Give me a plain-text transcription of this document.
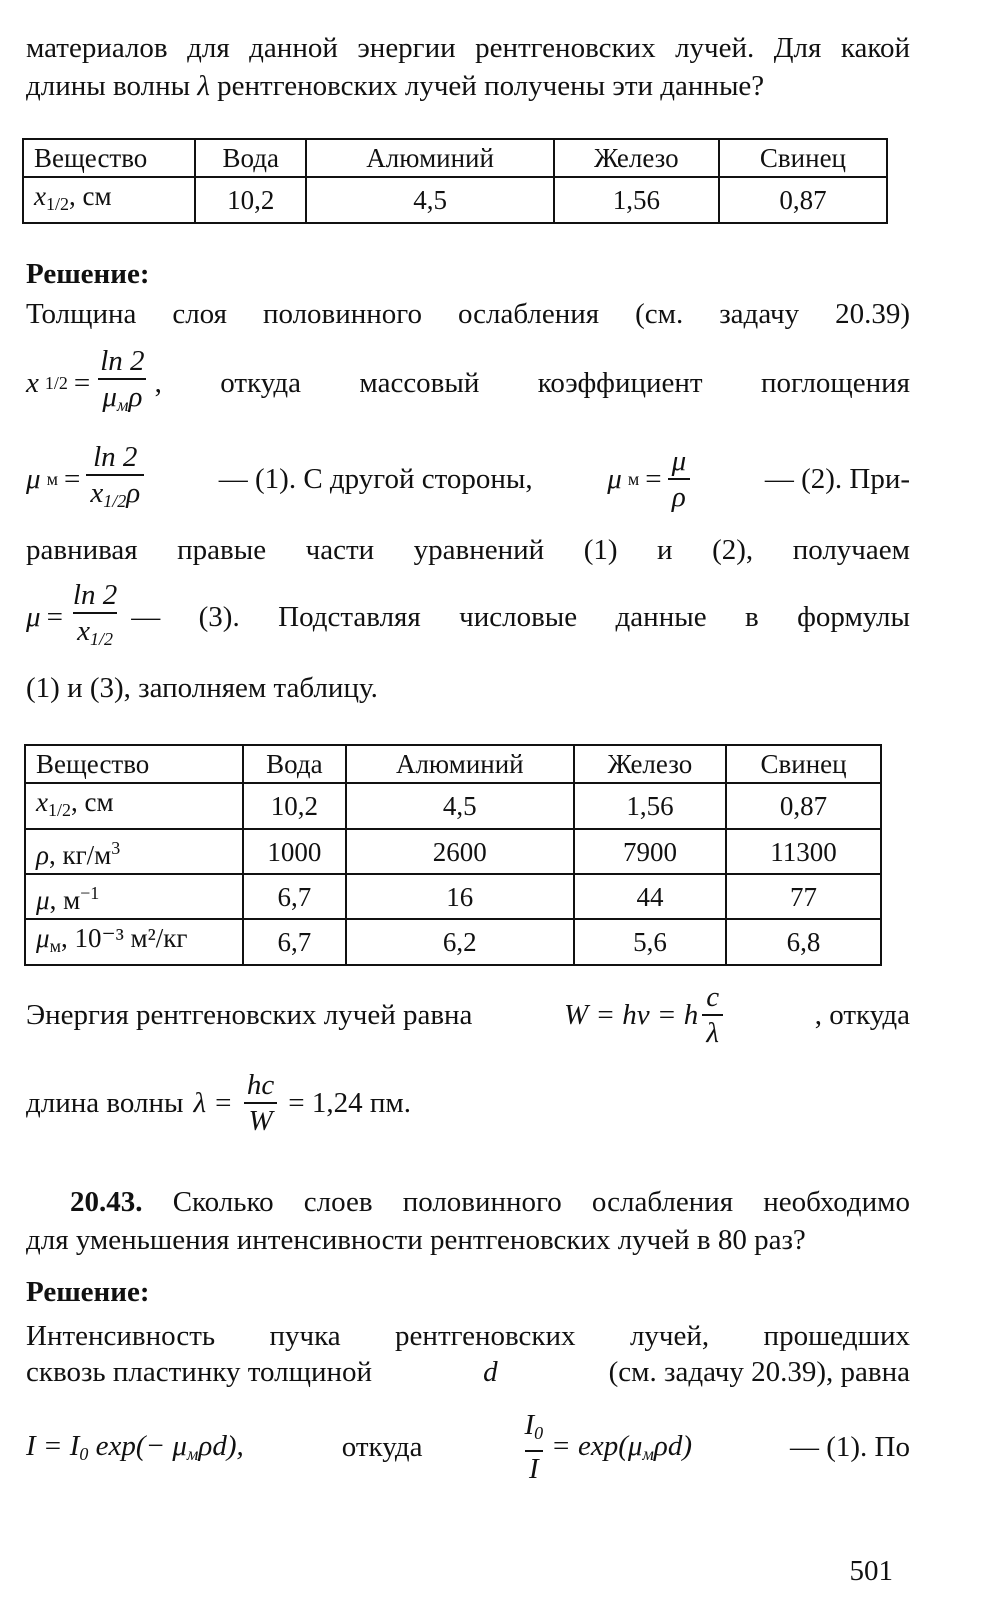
материалов для данной энергии рентгеновских лучей. Для какой

длины волны λ рентгеновских лучей получены эти данные?

Вещество	Вода	Алюминий	Железо	Свинец
$x_{1/2}$, см	10,2	4,5	1,56	0,87

Решение:

Толщина слоя половинного ослабления (см. задачу 20.39)

x $1/2 = \frac{\ln 2}{\mu_м\rho}$ , откуда массовый коэффициент поглощения
μ $м = \frac{\ln 2}{x_{1/2}\rho}$	— (1). С другой стороны,	μ $м = \frac{\mu}{\rho}$	— (2). При-

равнивая правые части уравнений (1) и (2), получаем

$\mu = \frac{\ln 2}{x_{1/2}}$ — (3). Подставляя числовые данные в формулы

(1) и (3), заполняем таблицу.

Вещество	Вода	Алюминий	Железо	Свинец
$x_{1/2}$, см	10,2	4,5	1,56	0,87
ρ, $кг/м^3$	1000	2600	7900	11300
μ, $м^{-1}$	6,7	16	44	77
$\mu_м$, 10⁻³ м²/кг	6,7	6,2	5,6	6,8
Энергия рентгеновских лучей равна	W = hν = h $\frac{c}{\lambda}$	, откуда
длина волны $\lambda = \frac{hc}{W} = 1,24$ пм.

20.43. Сколько слоев половинного ослабления необходимо

для уменьшения интенсивности рентгеновских лучей в 80 раз?

Решение:

Интенсивность пучка рентгеновских лучей, прошедших

сквозь пластинку толщиной	d	(см. задачу 20.39), равна
$I = I_0$ $\exp(- \mu_м\rho d)$,	откуда	$\frac{I_0}{I} = \exp(\mu_м\rho d)$	— (1). По
501
